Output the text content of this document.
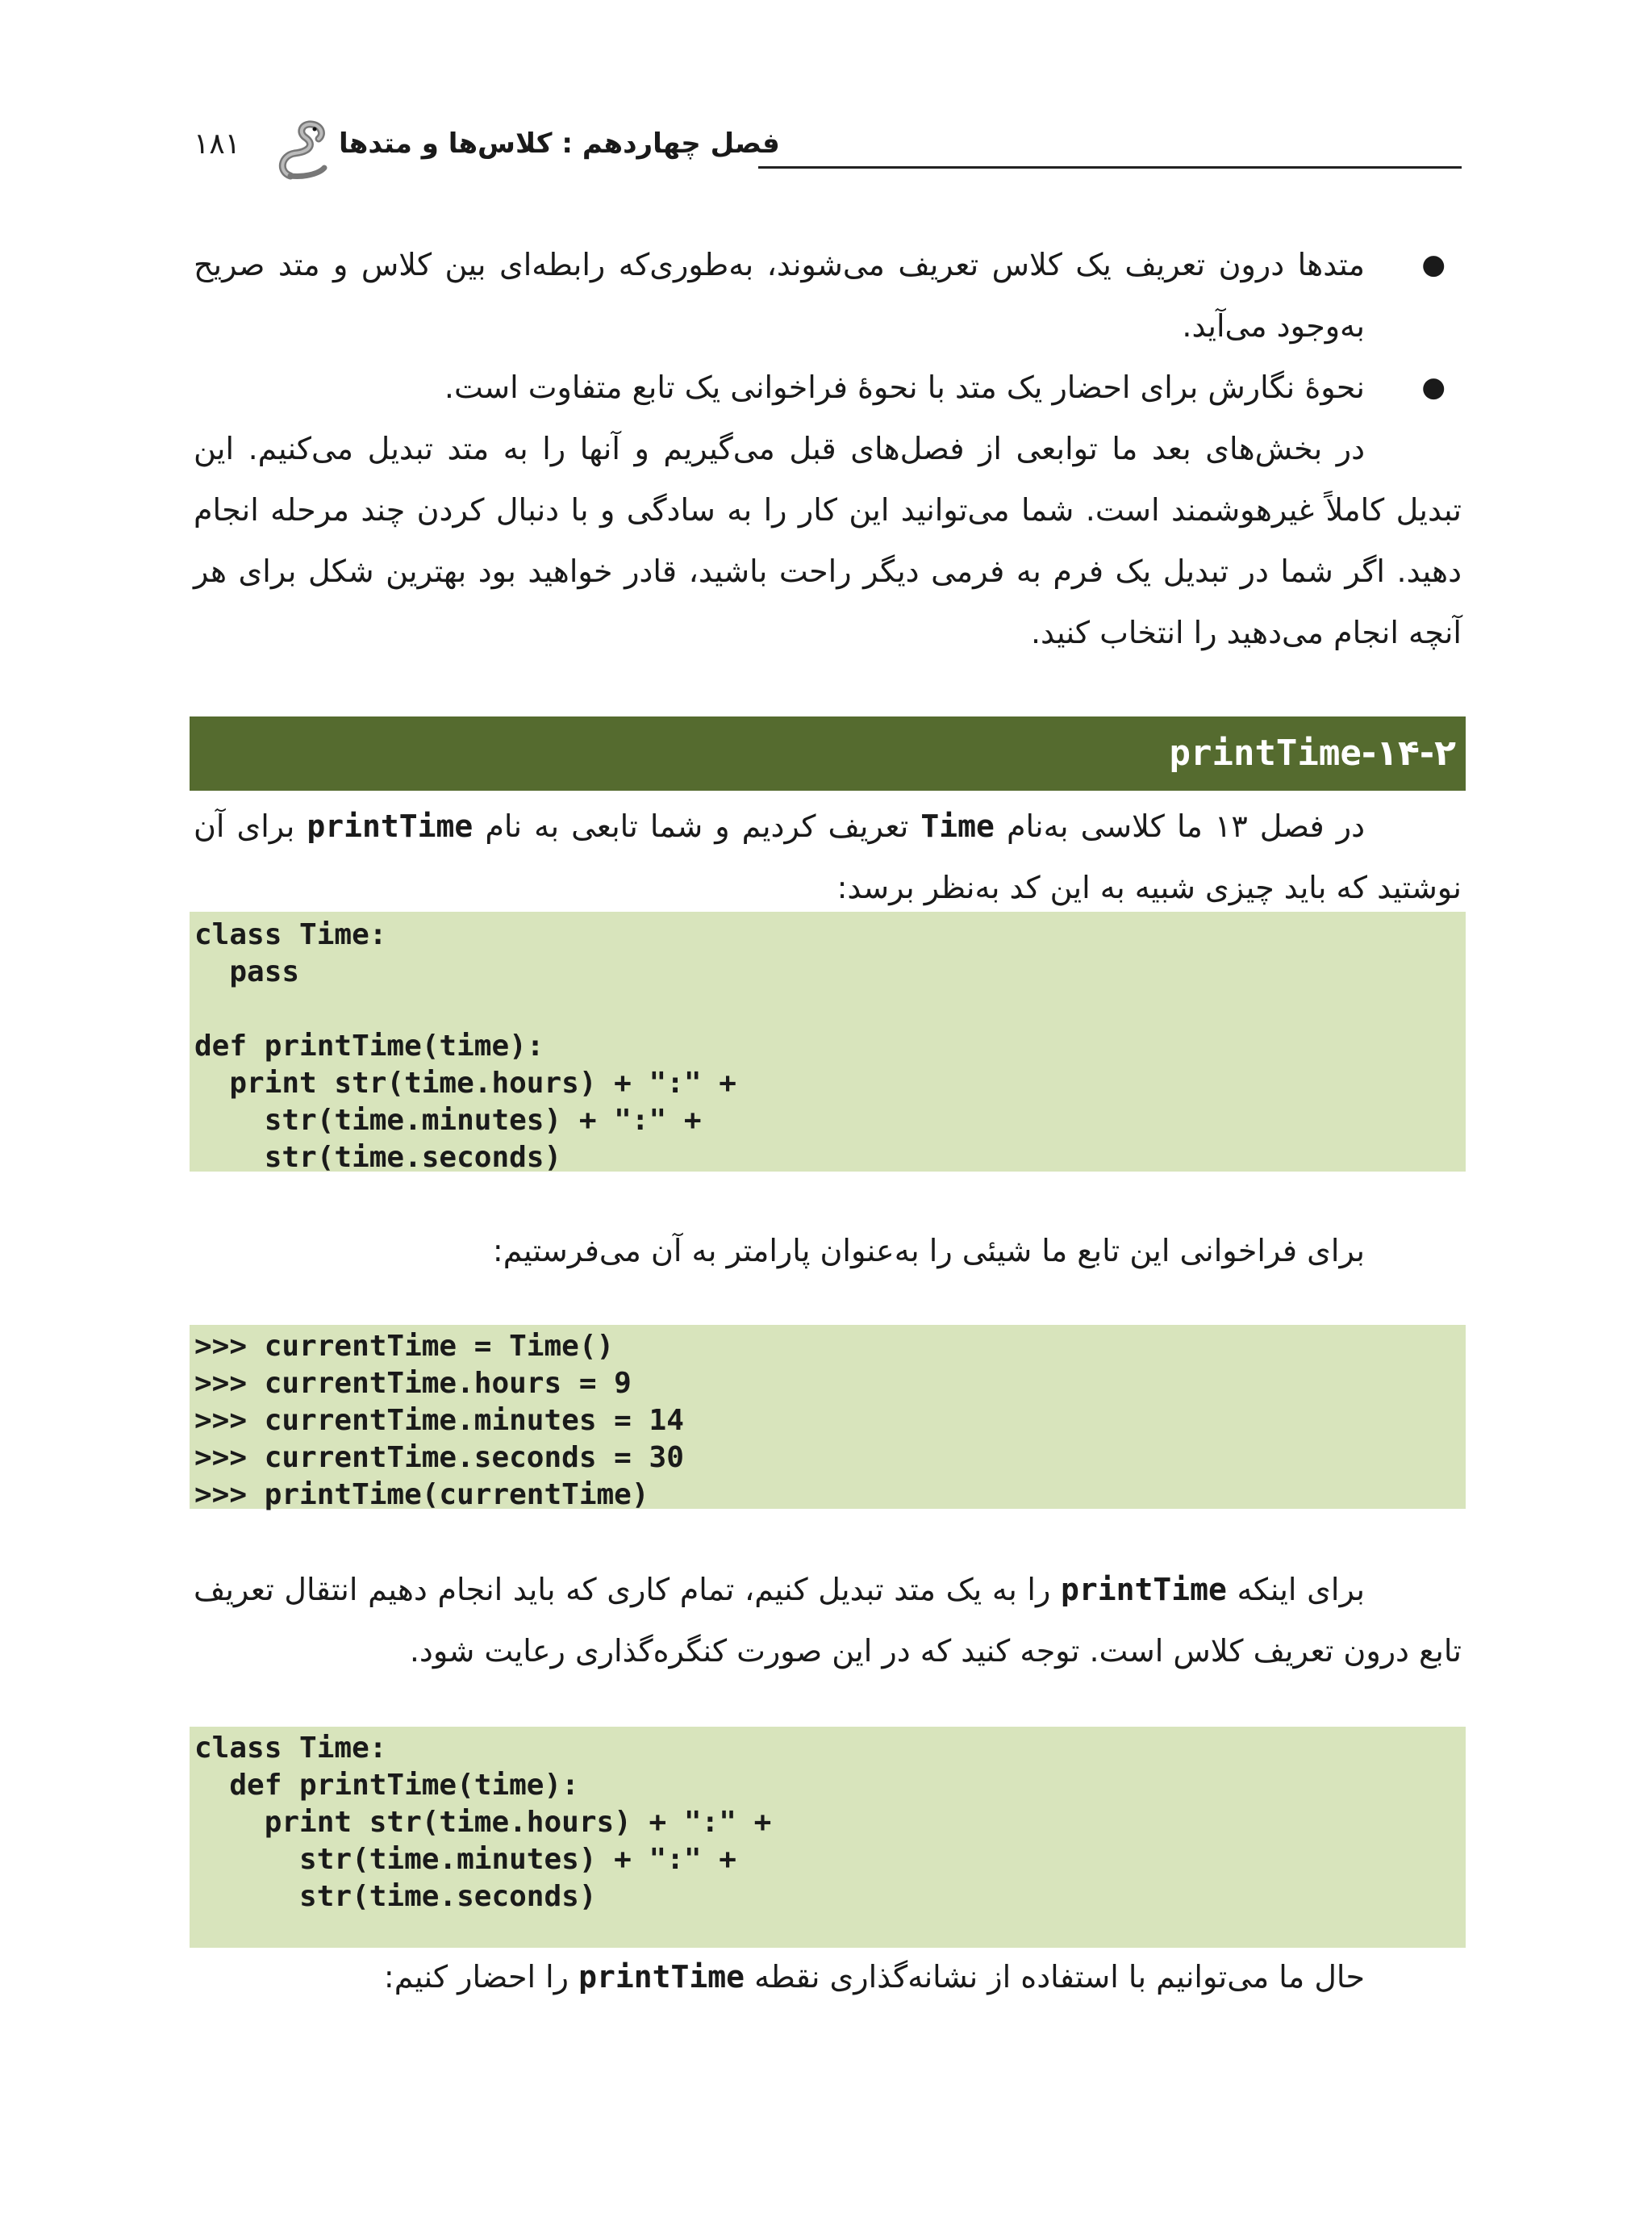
فصل چهاردهم : کلاس‌ها و متدها
۱۸۱

●
متدها درون تعریف یک کلاس تعریف می‌شوند، به‌طوری‌که رابطه‌ای بین کلاس و متد صریح به‌وجود می‌آید.

●
نحوهٔ نگارش برای احضار یک متد با نحوهٔ فراخوانی یک تابع متفاوت است.

در بخش‌های بعد ما توابعی از فصل‌های قبل می‌گیریم و آنها را به متد تبدیل می‌کنیم. این تبدیل کاملاً غیرهوشمند است. شما می‌توانید این کار را به سادگی و با دنبال کردن چند مرحله انجام دهید. اگر شما در تبدیل یک فرم به فرمی دیگر راحت باشید، قادر خواهید بود بهترین شکل برای هر آنچه انجام می‌دهید را انتخاب کنید.

۱۴-۲-printTime

در فصل ۱۳ ما کلاسی به‌نام Time تعریف کردیم و شما تابعی به نام printTime برای آن نوشتید که باید چیزی شبیه به این کد به‌نظر برسد:

class Time:
pass

def printTime(time):
print str(time.hours) + ":" +
str(time.minutes) + ":" +
str(time.seconds)

برای فراخوانی این تابع ما شیئی را به‌عنوان پارامتر به آن می‌فرستیم:

>>> currentTime = Time()
>>> currentTime.hours = 9
>>> currentTime.minutes = 14
>>> currentTime.seconds = 30
>>> printTime(currentTime)

برای اینکه printTime را به یک متد تبدیل کنیم، تمام کاری که باید انجام دهیم انتقال تعریف تابع درون تعریف کلاس است. توجه کنید که در این صورت کنگره‌گذاری رعایت شود.

class Time:
def printTime(time):
print str(time.hours) + ":" +
str(time.minutes) + ":" +
str(time.seconds)

حال ما می‌توانیم با استفاده از نشانه‌گذاری نقطه printTime را احضار کنیم:
